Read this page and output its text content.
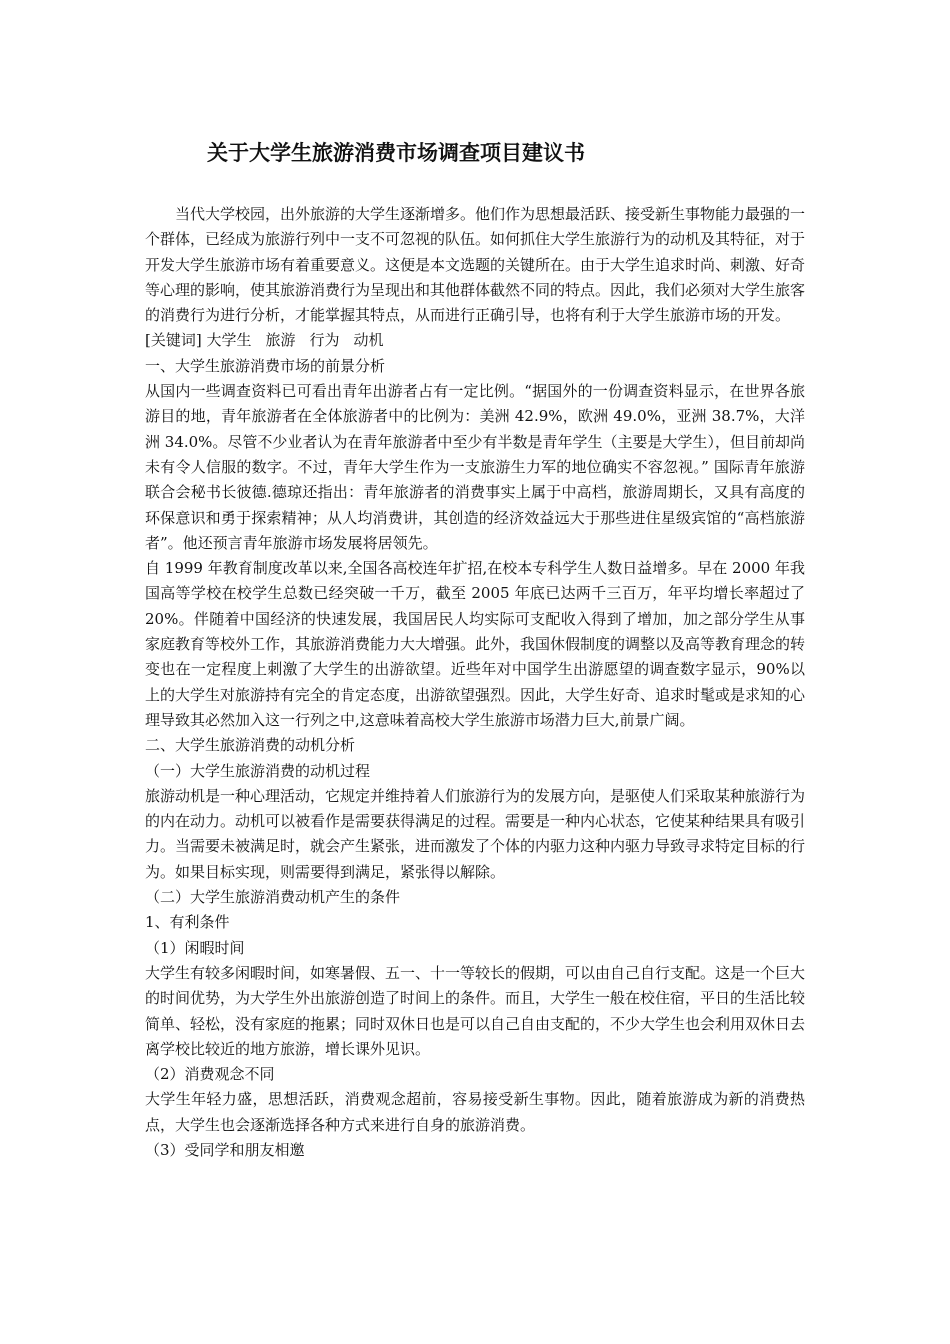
关于大学生旅游消费市场调查项目建议书

当代大学校园，出外旅游的大学生逐渐增多。他们作为思想最活跃、接受新生事物能力最强的一个群体，已经成为旅游行列中一支不可忽视的队伍。如何抓住大学生旅游行为的动机及其特征，对于开发大学生旅游市场有着重要意义。这便是本文选题的关键所在。由于大学生追求时尚、刺激、好奇等心理的影响，使其旅游消费行为呈现出和其他群体截然不同的特点。因此，我们必须对大学生旅客的消费行为进行分析，才能掌握其特点，从而进行正确引导，也将有利于大学生旅游市场的开发。

[关键词] 大学生 旅游 行为 动机

一、大学生旅游消费市场的前景分析

从国内一些调查资料已可看出青年出游者占有一定比例。“据国外的一份调查资料显示，在世界各旅游目的地，青年旅游者在全体旅游者中的比例为：美洲 42.9%，欧洲 49.0%，亚洲 38.7%，大洋洲 34.0%。尽管不少业者认为在青年旅游者中至少有半数是青年学生（主要是大学生），但目前却尚未有令人信服的数字。不过，青年大学生作为一支旅游生力军的地位确实不容忽视。” 国际青年旅游联合会秘书长彼德.德琼还指出：青年旅游者的消费事实上属于中高档，旅游周期长，又具有高度的环保意识和勇于探索精神；从人均消费讲，其创造的经济效益远大于那些进住星级宾馆的“高档旅游者”。他还预言青年旅游市场发展将居领先。

自 1999 年教育制度改革以来,全国各高校连年扩招,在校本专科学生人数日益增多。早在 2000 年我国高等学校在校学生总数已经突破一千万，截至 2005 年底已达两千三百万，年平均增长率超过了 20%。伴随着中国经济的快速发展，我国居民人均实际可支配收入得到了增加，加之部分学生从事家庭教育等校外工作，其旅游消费能力大大增强。此外，我国休假制度的调整以及高等教育理念的转变也在一定程度上刺激了大学生的出游欲望。近些年对中国学生出游愿望的调查数字显示，90%以上的大学生对旅游持有完全的肯定态度，出游欲望强烈。因此，大学生好奇、追求时髦或是求知的心理导致其必然加入这一行列之中,这意味着高校大学生旅游市场潜力巨大,前景广阔。

二、大学生旅游消费的动机分析

（一）大学生旅游消费的动机过程

旅游动机是一种心理活动，它规定并维持着人们旅游行为的发展方向，是驱使人们采取某种旅游行为的内在动力。动机可以被看作是需要获得满足的过程。需要是一种内心状态，它使某种结果具有吸引力。当需要未被满足时，就会产生紧张，进而激发了个体的内驱力这种内驱力导致寻求特定目标的行为。如果目标实现，则需要得到满足，紧张得以解除。

（二）大学生旅游消费动机产生的条件

1、有利条件

（1）闲暇时间

大学生有较多闲暇时间，如寒暑假、五一、十一等较长的假期，可以由自己自行支配。这是一个巨大的时间优势，为大学生外出旅游创造了时间上的条件。而且，大学生一般在校住宿，平日的生活比较简单、轻松，没有家庭的拖累；同时双休日也是可以自己自由支配的，不少大学生也会利用双休日去离学校比较近的地方旅游，增长课外见识。

（2）消费观念不同

大学生年轻力盛，思想活跃，消费观念超前，容易接受新生事物。因此，随着旅游成为新的消费热点，大学生也会逐渐选择各种方式来进行自身的旅游消费。

（3）受同学和朋友相邀
